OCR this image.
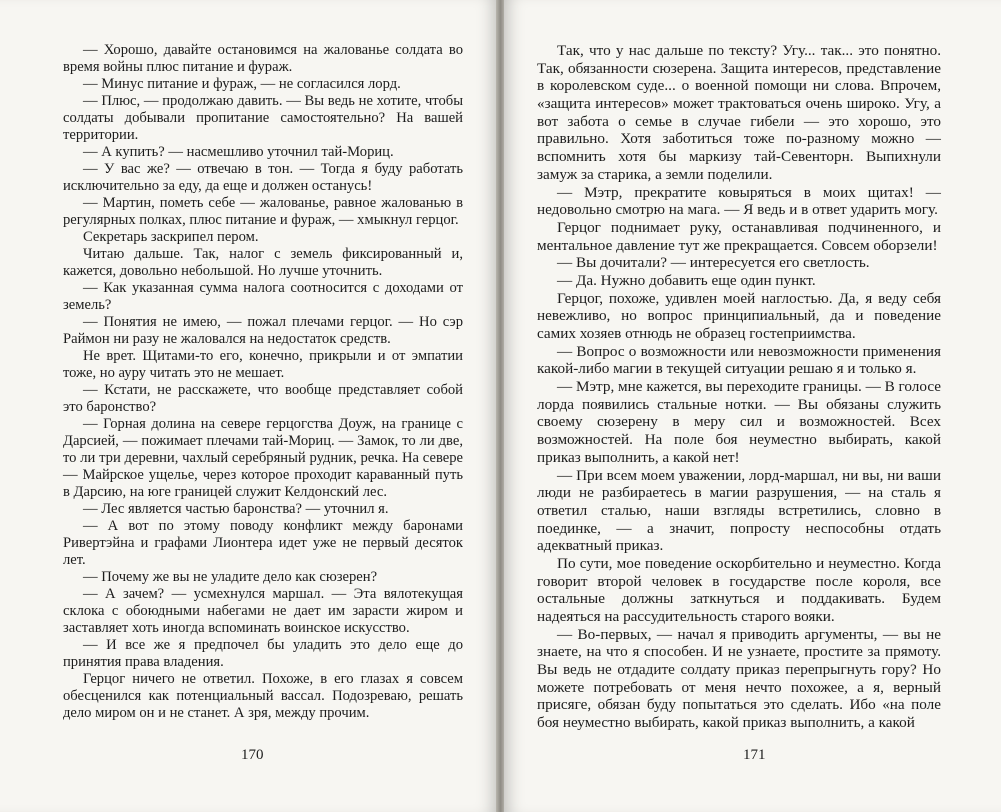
— Хорошо, давайте остановимся на жалованье солдата во время войны плюс питание и фураж.

— Минус питание и фураж, — не согласился лорд.

— Плюс, — продолжаю давить. — Вы ведь не хотите, чтобы солдаты добывали пропитание самостоятельно? На вашей территории.

— А купить? — насмешливо уточнил тай-Мориц.

— У вас же? — отвечаю в тон. — Тогда я буду работать исключительно за еду, да еще и должен останусь!

— Мартин, пометь себе — жалованье, равное жалованью в регулярных полках, плюс питание и фураж, — хмыкнул герцог.

Секретарь заскрипел пером.

Читаю дальше. Так, налог с земель фиксированный и, кажется, довольно небольшой. Но лучше уточнить.

— Как указанная сумма налога соотносится с доходами от земель?

— Понятия не имею, — пожал плечами герцог. — Но сэр Раймон ни разу не жаловался на недостаток средств.

Не врет. Щитами-то его, конечно, прикрыли и от эмпатии тоже, но ауру читать это не мешает.

— Кстати, не расскажете, что вообще представляет собой это баронство?

— Горная долина на севере герцогства Доуж, на границе с Дарсией, — пожимает плечами тай-Мориц. — Замок, то ли две, то ли три деревни, чахлый серебряный рудник, речка. На севере — Майрское ущелье, через которое проходит караванный путь в Дарсию, на юге границей служит Келдонский лес.

— Лес является частью баронства? — уточнил я.

— А вот по этому поводу конфликт между баронами Ривертэйна и графами Лионтера идет уже не первый десяток лет.

— Почему же вы не уладите дело как сюзерен?

— А зачем? — усмехнулся маршал. — Эта вялотекущая склока с обоюдными набегами не дает им зарасти жиром и заставляет хоть иногда вспоминать воинское искусство.

— И все же я предпочел бы уладить это дело еще до принятия права владения.

Герцог ничего не ответил. Похоже, в его глазах я совсем обесценился как потенциальный вассал. Подозреваю, решать дело миром он и не станет. А зря, между прочим.

170

Так, что у нас дальше по тексту? Угу... так... это понятно. Так, обязанности сюзерена. Защита интересов, представление в королевском суде... о военной помощи ни слова. Впрочем, «защита интересов» может трактоваться очень широко. Угу, а вот забота о семье в случае гибели — это хорошо, это правильно. Хотя заботиться тоже по-разному можно — вспомнить хотя бы маркизу тай-Севенторн. Выпихнули замуж за старика, а земли поделили.

— Мэтр, прекратите ковыряться в моих щитах! — недовольно смотрю на мага. — Я ведь и в ответ ударить могу.

Герцог поднимает руку, останавливая подчиненного, и ментальное давление тут же прекращается. Совсем оборзели!

— Вы дочитали? — интересуется его светлость.

— Да. Нужно добавить еще один пункт.

Герцог, похоже, удивлен моей наглостью. Да, я веду себя невежливо, но вопрос принципиальный, да и поведение самих хозяев отнюдь не образец гостеприимства.

— Вопрос о возможности или невозможности применения какой-либо магии в текущей ситуации решаю я и только я.

— Мэтр, мне кажется, вы переходите границы. — В голосе лорда появились стальные нотки. — Вы обязаны служить своему сюзерену в меру сил и возможностей. Всех возможностей. На поле боя неуместно выбирать, какой приказ выполнить, а какой нет!

— При всем моем уважении, лорд-маршал, ни вы, ни ваши люди не разбираетесь в магии разрушения, — на сталь я ответил сталью, наши взгляды встретились, словно в поединке, — а значит, попросту неспособны отдать адекватный приказ.

По сути, мое поведение оскорбительно и неуместно. Когда говорит второй человек в государстве после короля, все остальные должны заткнуться и поддакивать. Будем надеяться на рассудительность старого вояки.

— Во-первых, — начал я приводить аргументы, — вы не знаете, на что я способен. И не узнаете, простите за прямоту. Вы ведь не отдадите солдату приказ перепрыгнуть гору? Но можете потребовать от меня нечто похожее, а я, верный присяге, обязан буду попытаться это сделать. Ибо «на поле боя неуместно выбирать, какой приказ выполнить, а какой

171
